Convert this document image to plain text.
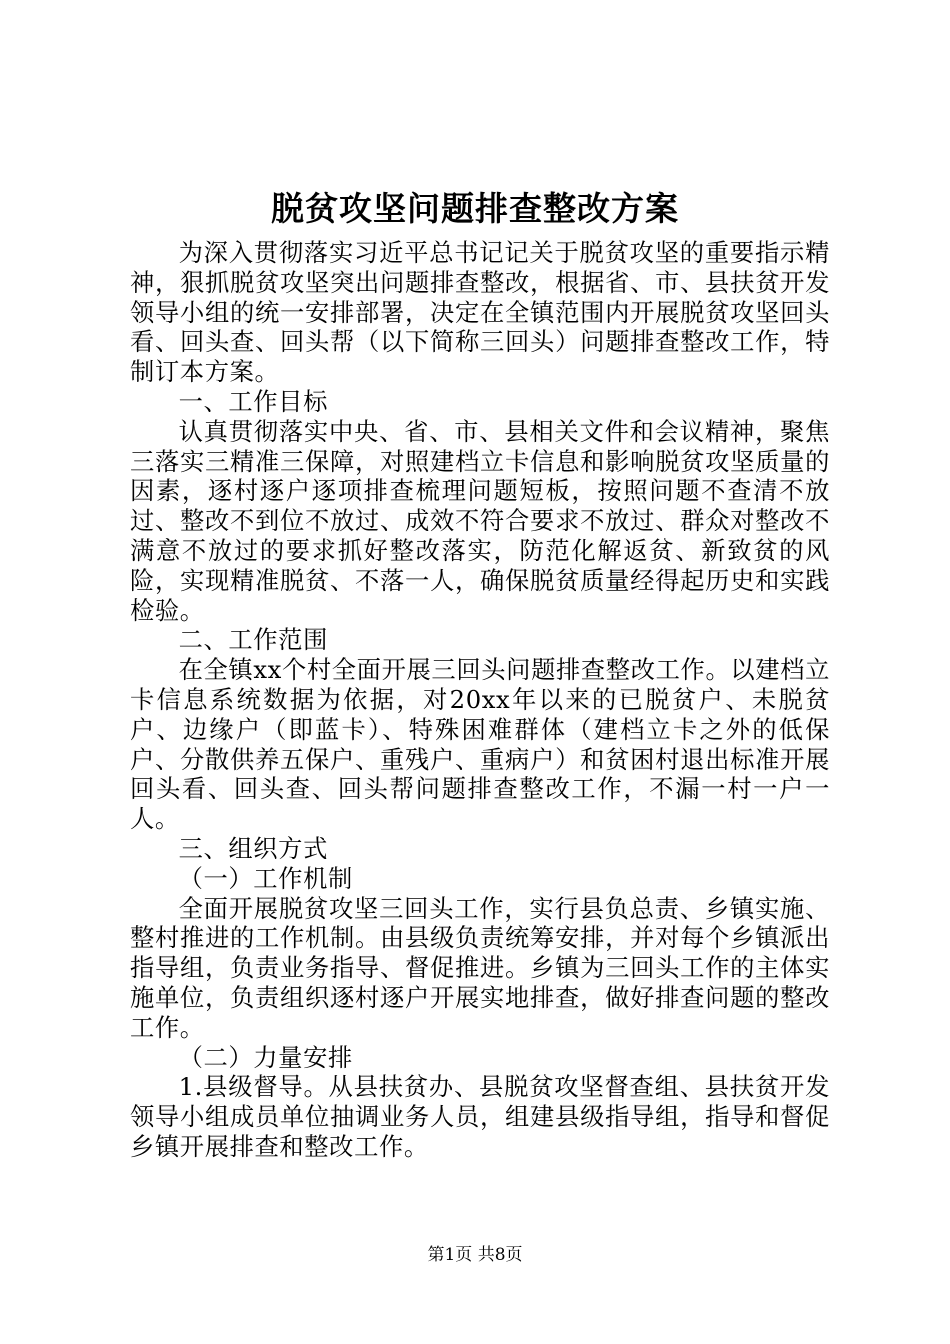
脱贫攻坚问题排查整改方案

为深入贯彻落实习近平总书记记关于脱贫攻坚的重要指示精神，狠抓脱贫攻坚突出问题排查整改，根据省、市、县扶贫开发领导小组的统一安排部署，决定在全镇范围内开展脱贫攻坚回头看、回头查、回头帮（以下简称三回头）问题排查整改工作，特制订本方案。

一、工作目标

认真贯彻落实中央、省、市、县相关文件和会议精神，聚焦三落实三精准三保障，对照建档立卡信息和影响脱贫攻坚质量的因素，逐村逐户逐项排查梳理问题短板，按照问题不查清不放过、整改不到位不放过、成效不符合要求不放过、群众对整改不满意不放过的要求抓好整改落实，防范化解返贫、新致贫的风险，实现精准脱贫、不落一人，确保脱贫质量经得起历史和实践检验。

二、工作范围

在全镇xx个村全面开展三回头问题排查整改工作。以建档立卡信息系统数据为依据，对20xx年以来的已脱贫户、未脱贫户、边缘户（即蓝卡）、特殊困难群体（建档立卡之外的低保户、分散供养五保户、重残户、重病户）和贫困村退出标准开展回头看、回头查、回头帮问题排查整改工作，不漏一村一户一人。

三、组织方式

（一）工作机制

全面开展脱贫攻坚三回头工作，实行县负总责、乡镇实施、整村推进的工作机制。由县级负责统筹安排，并对每个乡镇派出指导组，负责业务指导、督促推进。乡镇为三回头工作的主体实施单位，负责组织逐村逐户开展实地排查，做好排查问题的整改工作。

（二）力量安排

1.县级督导。从县扶贫办、县脱贫攻坚督查组、县扶贫开发领导小组成员单位抽调业务人员，组建县级指导组，指导和督促乡镇开展排查和整改工作。

第1页 共8页
